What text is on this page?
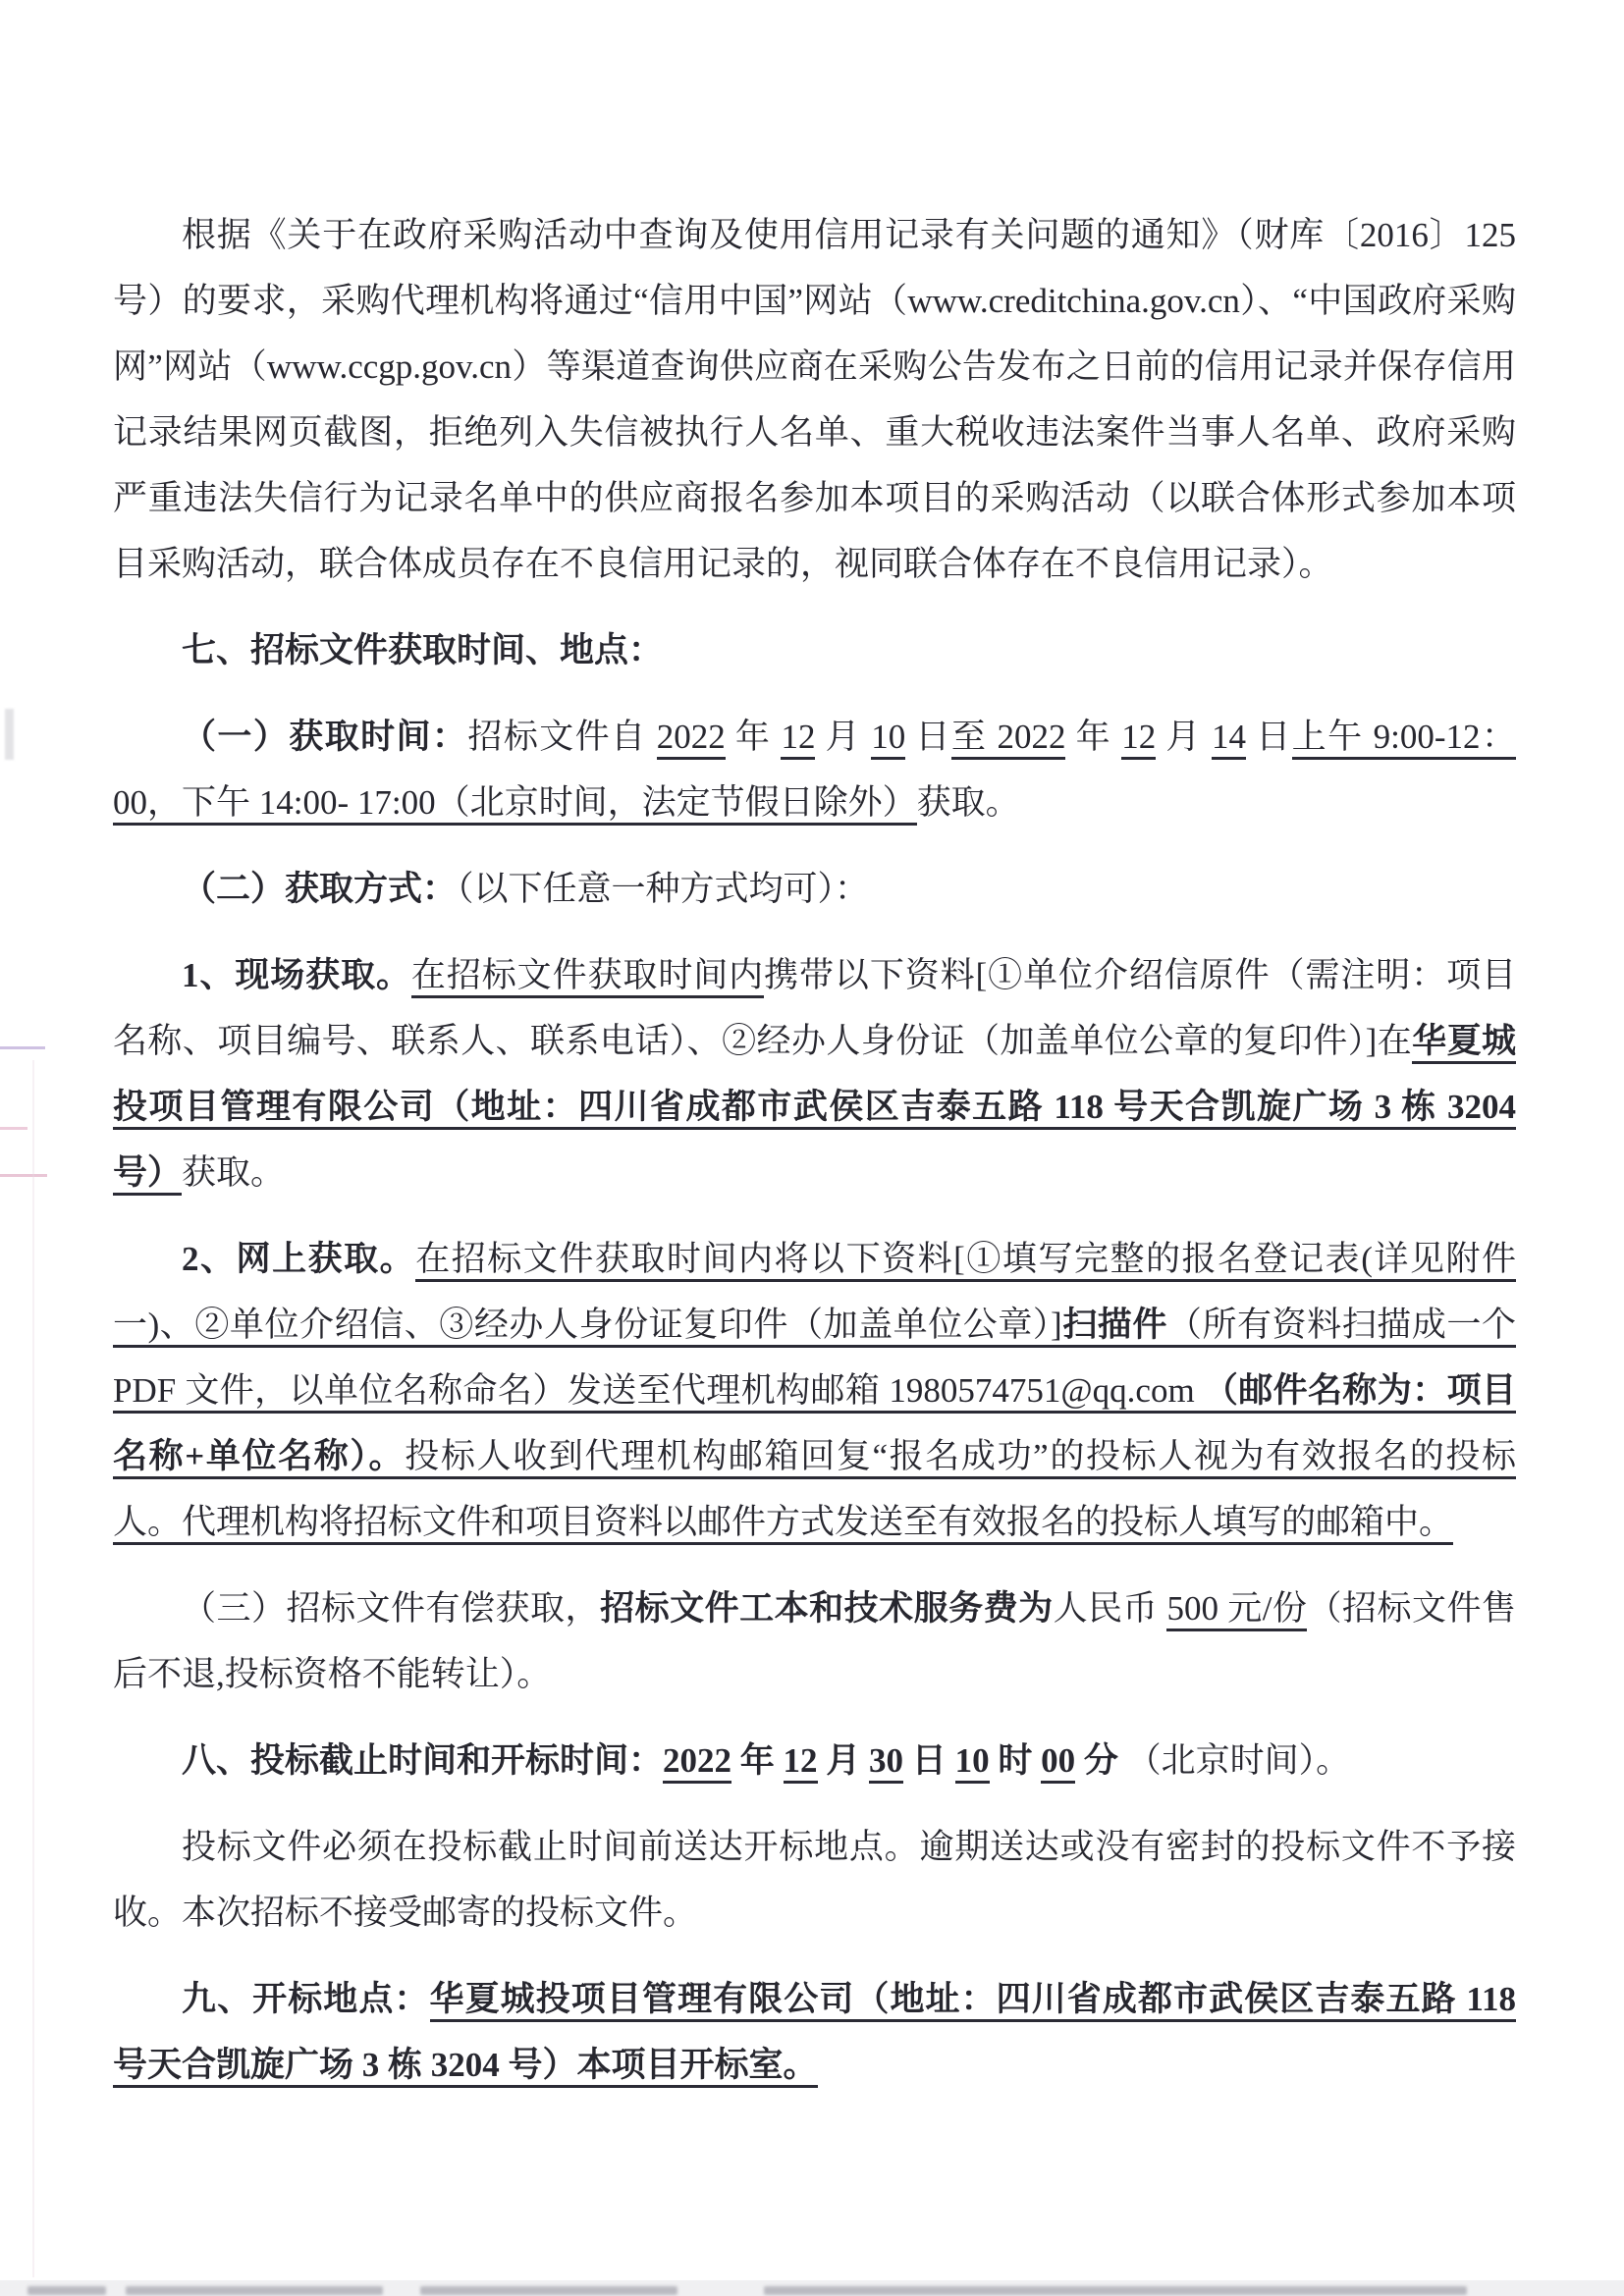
根据《关于在政府采购活动中查询及使用信用记录有关问题的通知》（财库〔2016〕125号）的要求，采购代理机构将通过“信用中国”网站（www.creditchina.gov.cn）、“中国政府采购网”网站（www.ccgp.gov.cn）等渠道查询供应商在采购公告发布之日前的信用记录并保存信用记录结果网页截图，拒绝列入失信被执行人名单、重大税收违法案件当事人名单、政府采购严重违法失信行为记录名单中的供应商报名参加本项目的采购活动（以联合体形式参加本项目采购活动，联合体成员存在不良信用记录的，视同联合体存在不良信用记录）。

七、招标文件获取时间、地点：

（一）获取时间：招标文件自 2022 年 12 月 10 日至 2022 年 12 月 14 日上午 9:00-12：00，下午 14:00- 17:00（北京时间，法定节假日除外）获取。

（二）获取方式：（以下任意一种方式均可）：

1、现场获取。在招标文件获取时间内携带以下资料[①单位介绍信原件（需注明：项目名称、项目编号、联系人、联系电话）、②经办人身份证（加盖单位公章的复印件）]在华夏城投项目管理有限公司（地址：四川省成都市武侯区吉泰五路 118 号天合凯旋广场 3 栋 3204 号）获取。

2、网上获取。在招标文件获取时间内将以下资料[①填写完整的报名登记表(详见附件一)、②单位介绍信、③经办人身份证复印件（加盖单位公章）]扫描件（所有资料扫描成一个 PDF 文件，以单位名称命名）发送至代理机构邮箱 1980574751@qq.com （邮件名称为：项目名称+单位名称）。投标人收到代理机构邮箱回复“报名成功”的投标人视为有效报名的投标人。代理机构将招标文件和项目资料以邮件方式发送至有效报名的投标人填写的邮箱中。

（三）招标文件有偿获取，招标文件工本和技术服务费为人民币 500 元/份（招标文件售后不退,投标资格不能转让）。

八、投标截止时间和开标时间：2022 年 12 月 30 日 10 时 00 分 （北京时间）。

投标文件必须在投标截止时间前送达开标地点。逾期送达或没有密封的投标文件不予接收。本次招标不接受邮寄的投标文件。

九、开标地点：华夏城投项目管理有限公司（地址：四川省成都市武侯区吉泰五路 118 号天合凯旋广场 3 栋 3204 号）本项目开标室。
